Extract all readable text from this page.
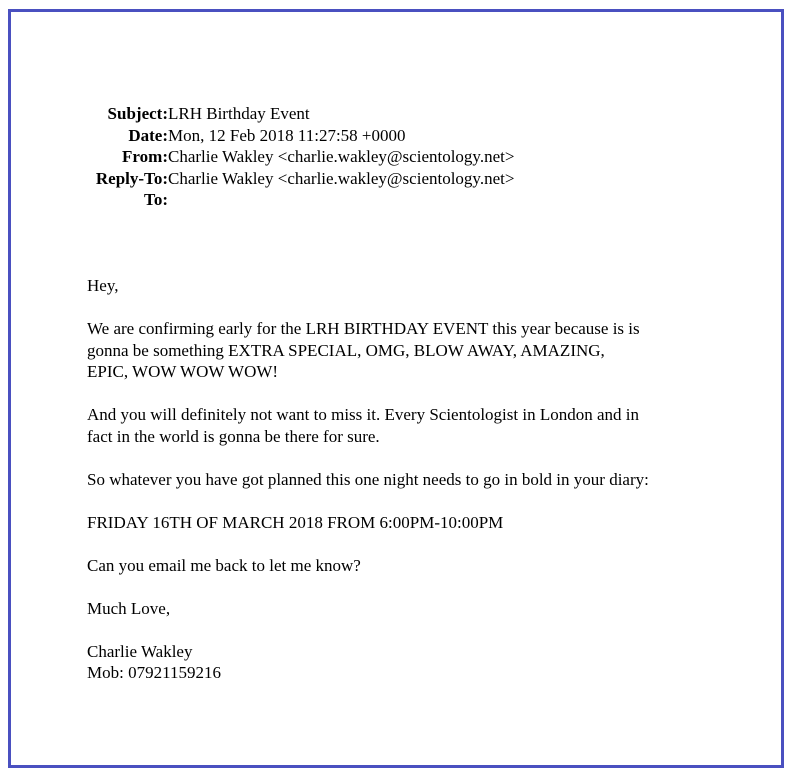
Subject: LRH Birthday Event
Date: Mon, 12 Feb 2018 11:27:58 +0000
From: Charlie Wakley <charlie.wakley@scientology.net>
Reply-To: Charlie Wakley <charlie.wakley@scientology.net>
To:

Hey,

We are confirming early for the LRH BIRTHDAY EVENT this year because is is
gonna be something EXTRA SPECIAL, OMG, BLOW AWAY, AMAZING,
EPIC, WOW WOW WOW!

And you will definitely not want to miss it. Every Scientologist in London and in
fact in the world is gonna be there for sure.

So whatever you have got planned this one night needs to go in bold in your diary:

FRIDAY 16TH OF MARCH 2018 FROM 6:00PM-10:00PM

Can you email me back to let me know?

Much Love,

Charlie Wakley
Mob: 07921159216
